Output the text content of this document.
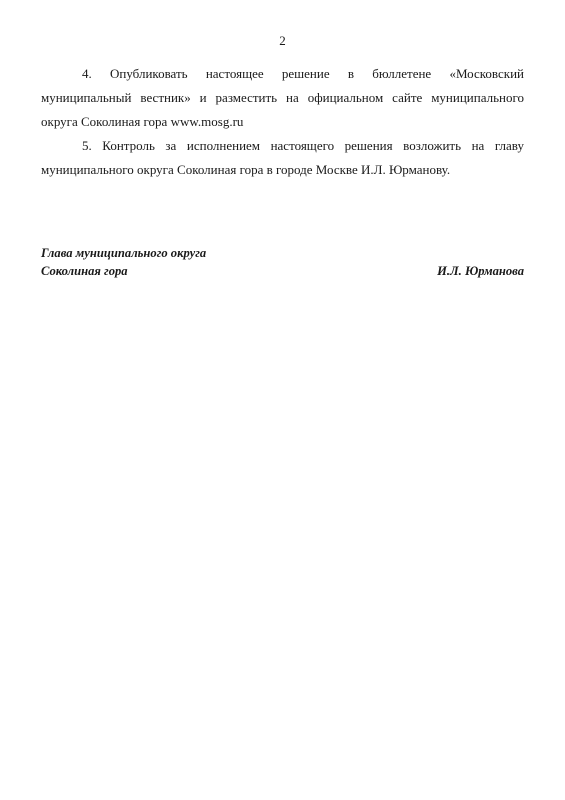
2

4. Опубликовать настоящее решение в бюллетене «Московский муниципальный вестник» и разместить на официальном сайте муниципального округа Соколиная гора www.mosg.ru

5. Контроль за исполнением настоящего решения возложить на главу муниципального округа Соколиная гора в городе Москве И.Л. Юрманову.

Глава муниципального округа
Соколиная гора	И.Л. Юрманова
